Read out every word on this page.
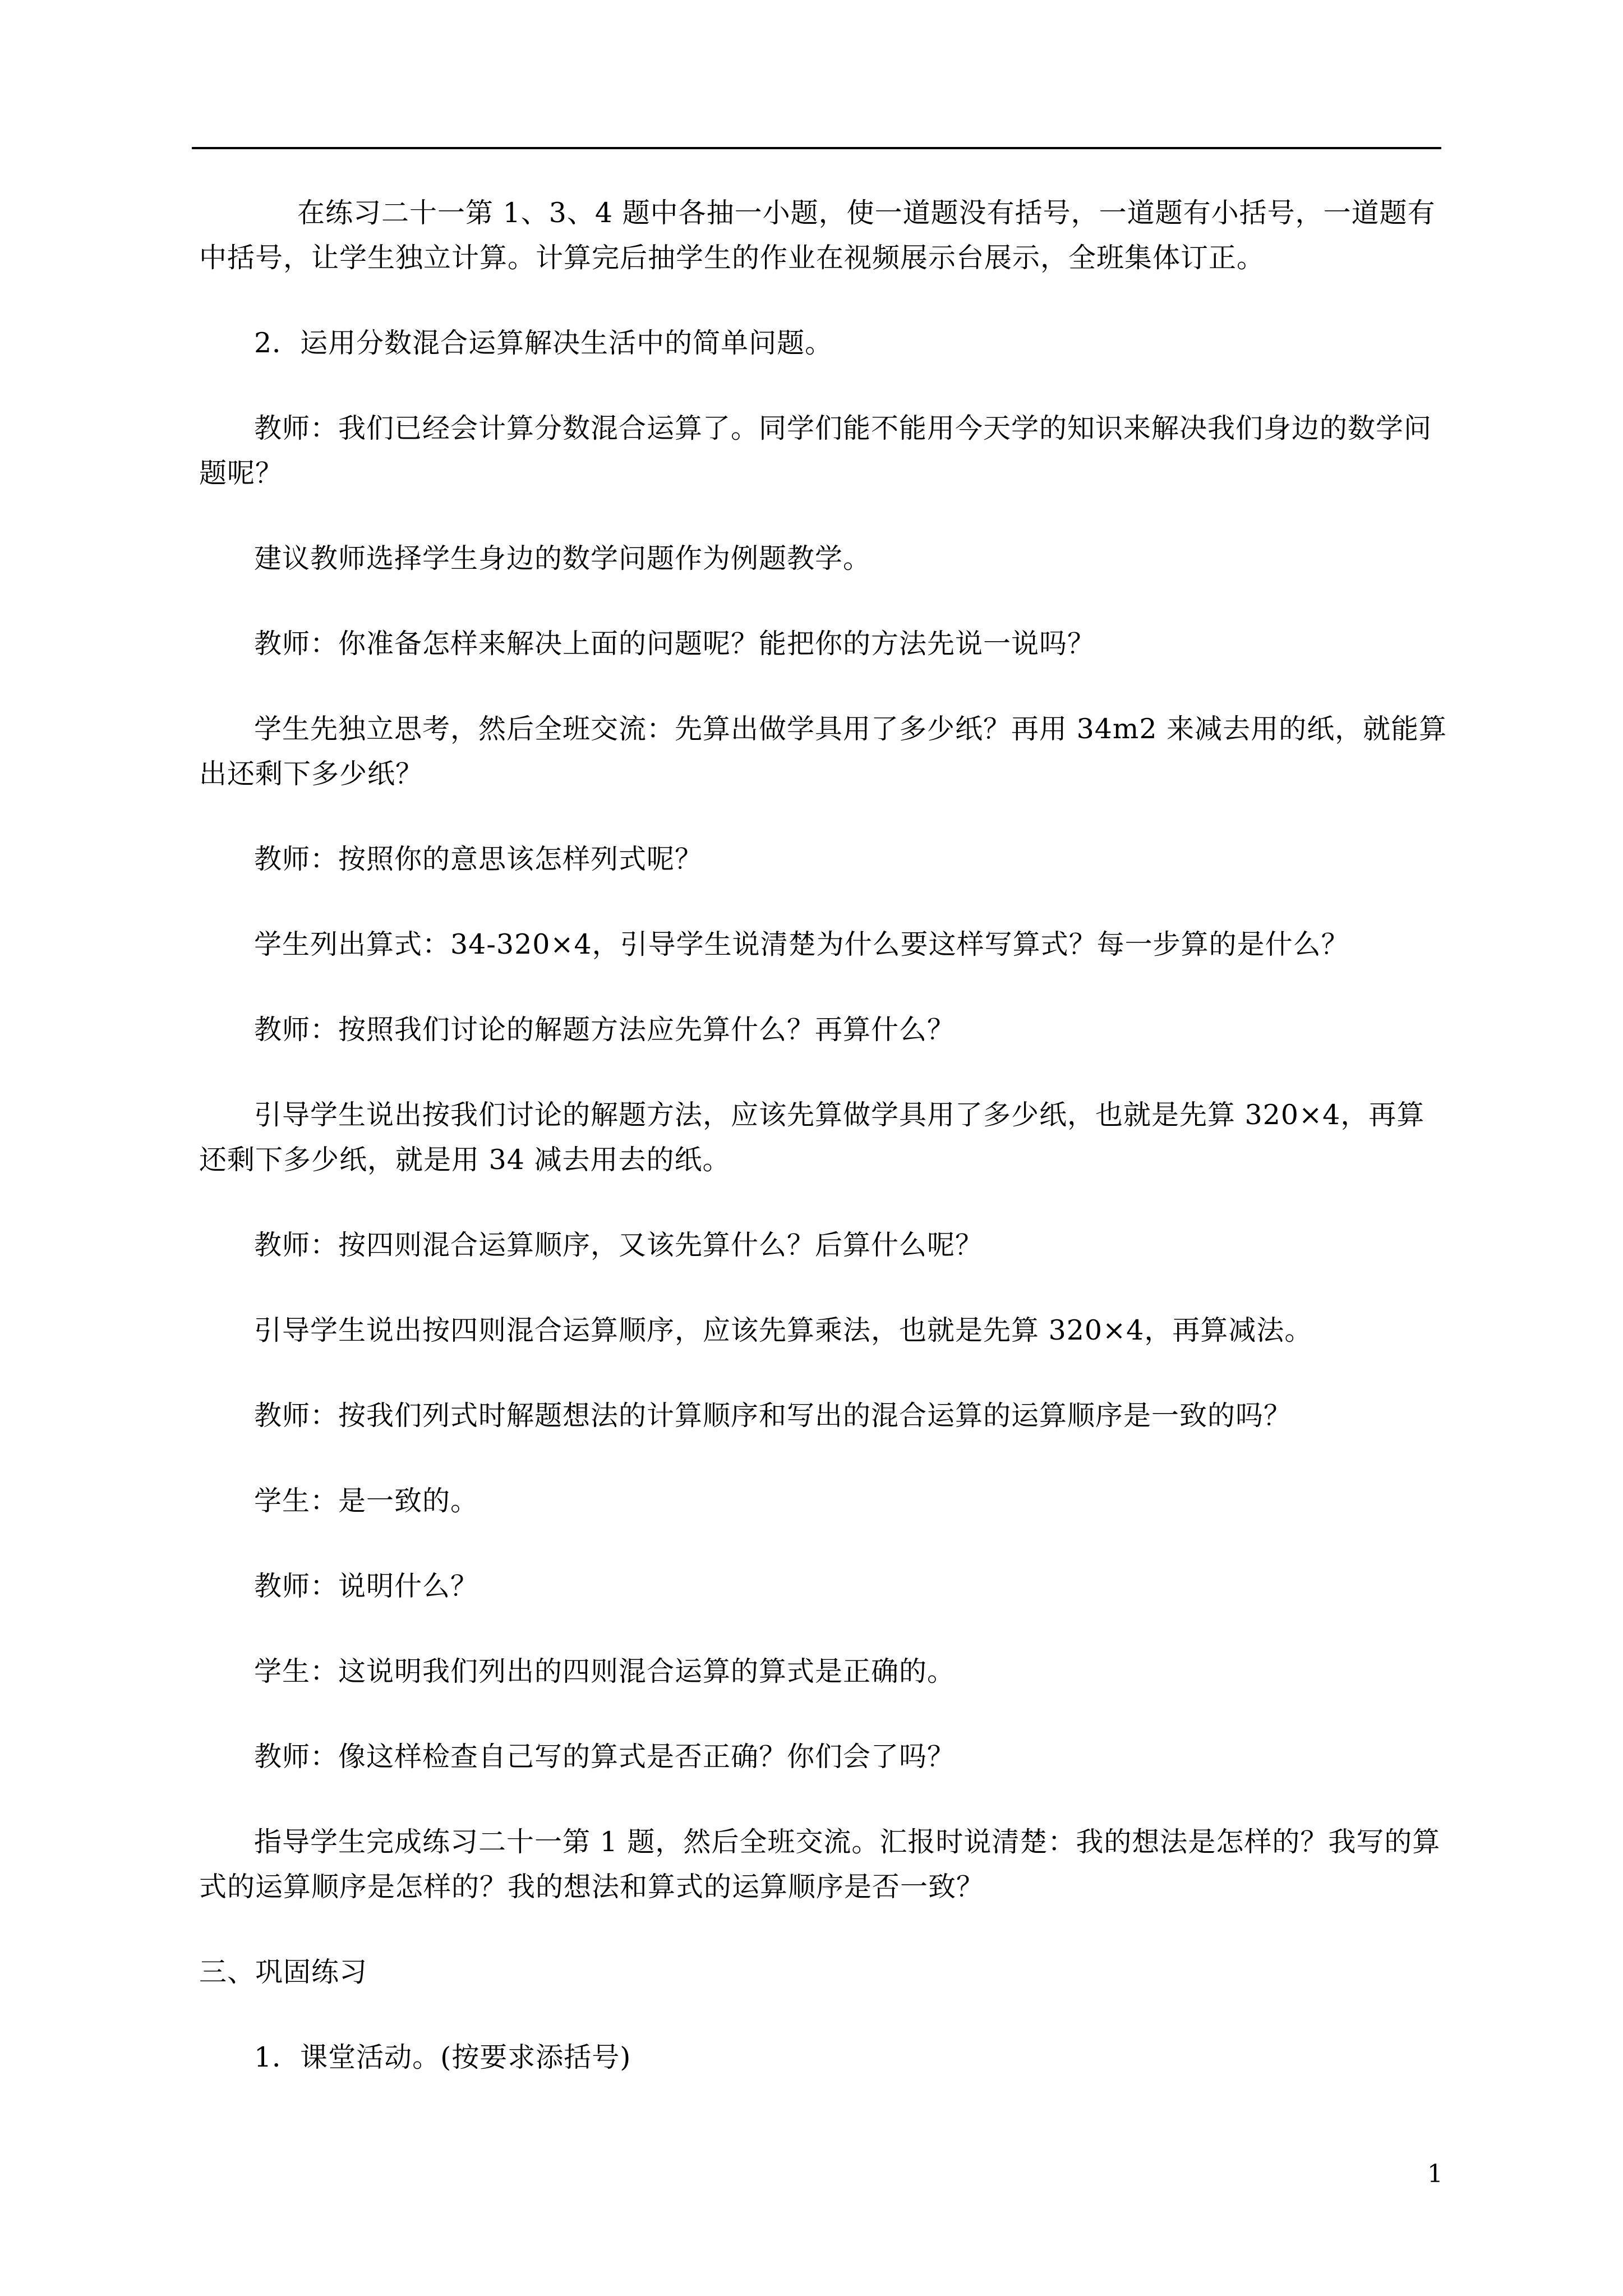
在练习二十一第 1、3、4 题中各抽一小题，使一道题没有括号，一道题有小括号，一道题有中括号，让学生独立计算。计算完后抽学生的作业在视频展示台展示，全班集体订正。

2．运用分数混合运算解决生活中的简单问题。

教师：我们已经会计算分数混合运算了。同学们能不能用今天学的知识来解决我们身边的数学问题呢？

建议教师选择学生身边的数学问题作为例题教学。

教师：你准备怎样来解决上面的问题呢？能把你的方法先说一说吗？

学生先独立思考，然后全班交流：先算出做学具用了多少纸？再用 34m2 来减去用的纸，就能算出还剩下多少纸？

教师：按照你的意思该怎样列式呢？

学生列出算式：34-320×4，引导学生说清楚为什么要这样写算式？每一步算的是什么？

教师：按照我们讨论的解题方法应先算什么？再算什么？

引导学生说出按我们讨论的解题方法，应该先算做学具用了多少纸，也就是先算 320×4，再算还剩下多少纸，就是用 34 减去用去的纸。

教师：按四则混合运算顺序，又该先算什么？后算什么呢？

引导学生说出按四则混合运算顺序，应该先算乘法，也就是先算 320×4，再算减法。

教师：按我们列式时解题想法的计算顺序和写出的混合运算的运算顺序是一致的吗？

学生：是一致的。

教师：说明什么？

学生：这说明我们列出的四则混合运算的算式是正确的。

教师：像这样检查自己写的算式是否正确？你们会了吗？

指导学生完成练习二十一第 1 题，然后全班交流。汇报时说清楚：我的想法是怎样的？我写的算式的运算顺序是怎样的？我的想法和算式的运算顺序是否一致？

三、巩固练习

1．课堂活动。(按要求添括号)

1
